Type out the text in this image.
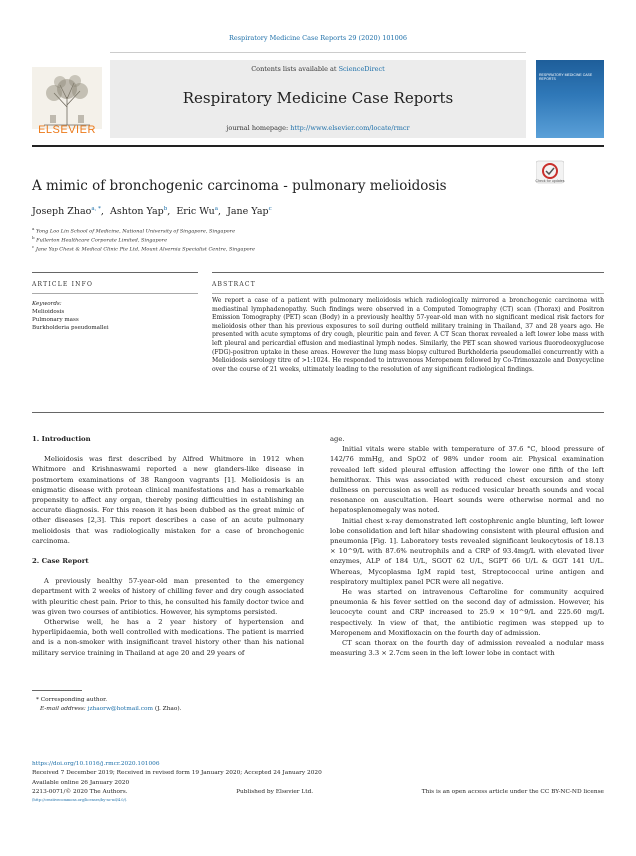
Respiratory Medicine Case Reports 29 (2020) 101006
Contents lists available at ScienceDirect
Respiratory Medicine Case Reports
journal homepage: http://www.elsevier.com/locate/rmcr
ELSEVIER
RESPIRATORY MEDICINE CASE REPORTS
A mimic of bronchogenic carcinoma - pulmonary melioidosis	Check for updates
Joseph Zhao$^{a, *}$,  Ashton Yap$^b$,  Eric Wu$^a$,  Jane Yap$^c$
$^a$ Yong Loo Lin School of Medicine, National University of Singapore, Singapore
$^b$ Fullerton Healthcare Corporate Limited, Singapore
$^c$ Jane Yap Chest & Medical Clinic Pte Ltd, Mount Alvernia Specialist Centre, Singapore
ARTICLE INFO	ABSTRACT
Keywords:
Melioidosis
Pulmonary mass
Burkholderia pseudomallei
We report a case of a patient with pulmonary melioidosis which radiologically mirrored a bronchogenic carcinoma with mediastinal lymphadenopathy. Such findings were observed in a Computed Tomography (CT) scan (Thorax) and Positron Emission Tomography (PET) scan (Body) in a previously healthy 57-year-old man with no significant medical risk factors for melioidosis other than his previous exposures to soil during outfield military training in Thailand, 37 and 28 years ago. He presented with acute symptoms of dry cough, pleuritic pain and fever. A CT Scan thorax revealed a left lower lobe mass with left pleural and pericardial effusion and mediastinal lymph nodes. Similarly, the PET scan showed various fluorodeoxyglucose (FDG)-positron uptake in these areas. However the lung mass biopsy cultured Burkholderia pseudomallei concurrently with a Melioidosis serology titre of >1:1024. He responded to intravenous Meropenem followed by Co-Trimoxazole and Doxycycline over the course of 21 weeks, ultimately leading to the resolution of any significant radiological findings.
1. Introduction

Melioidosis was first described by Alfred Whitmore in 1912 when Whitmore and Krishnaswami reported a new glanders-like disease in postmortem examinations of 38 Rangoon vagrants [1]. Melioidosis is an enigmatic disease with protean clinical manifestations and has a remarkable propensity to affect any organ, thereby posing difficulties in establishing an accurate diagnosis. For this reason it has been dubbed as the great mimic of other diseases [2,3]. This report describes a case of an acute pulmonary melioidosis that was radiologically mistaken for a case of bronchogenic carcinoma.

2. Case Report

A previously healthy 57-year-old man presented to the emergency department with 2 weeks of history of chilling fever and dry cough associated with pleuritic chest pain. Prior to this, he consulted his family doctor twice and was given two courses of antibiotics. However, his symptoms persisted.

Otherwise well, he has a 2 year history of hypertension and hyperlipidaemia, both well controlled with medications. The patient is married and is a non-smoker with insignificant travel history other than his national military service training in Thailand at age 20 and 29 years of

age.

Initial vitals were stable with temperature of 37.6 °C, blood pressure of 142/76 mmHg, and SpO2 of 98% under room air. Physical examination revealed left sided pleural effusion affecting the lower one fifth of the left hemithorax. This was associated with reduced chest excursion and stony dullness on percussion as well as reduced vesicular breath sounds and vocal resonance on auscultation. Heart sounds were otherwise normal and no hepatosplenomegaly was noted.

Initial chest x-ray demonstrated left costophrenic angle blunting, left lower lobe consolidation and left hilar shadowing consistent with pleural effusion and pneumonia [Fig. 1]. Laboratory tests revealed significant leukocytosis of 18.13 × 10^9/L with 87.6% neutrophils and a CRP of 93.4mg/L with elevated liver enzymes, ALP of 184 U/L, SGOT 62 U/L, SGPT 66 U/L & GGT 141 U/L. Whereas, Mycoplasma IgM rapid test, Streptococcal urine antigen and respiratory multiplex panel PCR were all negative.

He was started on intravenous Ceftaroline for community acquired pneumonia & his fever settled on the second day of admission. However, his leucocyte count and CRP increased to 25.9 × 10^9/L and 225.60 mg/L respectively. In view of that, the antibiotic regimen was stepped up to Meropenem and Moxifloxacin on the fourth day of admission.

CT scan thorax on the fourth day of admission revealed a nodular mass measuring 3.3 × 2.7cm seen in the left lower lobe in contact with

* Corresponding author.
E-mail address: jzhaorw@hotmail.com (J. Zhao).
https://doi.org/10.1016/j.rmcr.2020.101006
Received 7 December 2019; Received in revised form 19 January 2020; Accepted 24 January 2020
Available online 26 January 2020
2213-0071/© 2020 The Authors.	Published by Elsevier Ltd.	This is an open access article under the CC BY-NC-ND license
(http://creativecommons.org/licenses/by-nc-nd/4.0/).
